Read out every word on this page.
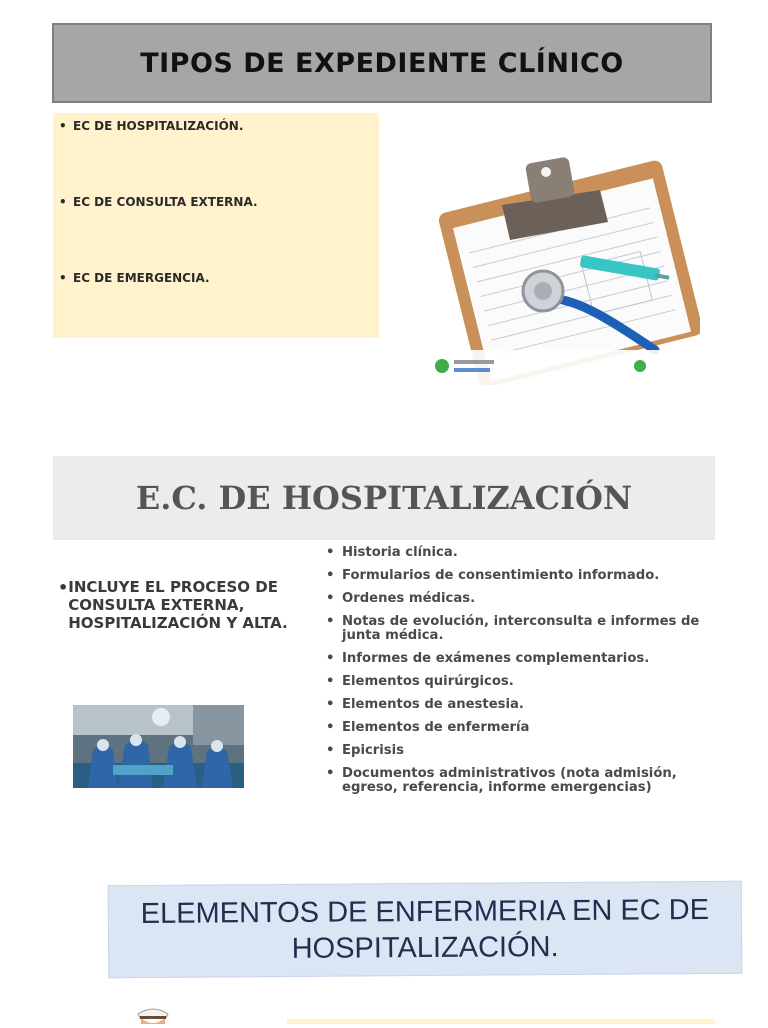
TIPOS DE EXPEDIENTE CLÍNICO
• EC DE HOSPITALIZACIÓN.
• EC DE CONSULTA EXTERNA.
• EC DE EMERGENCIA.
E.C. DE HOSPITALIZACIÓN
• INCLUYE EL PROCESO DE CONSULTA EXTERNA, HOSPITALIZACIÓN Y ALTA.
• Historia clínica.
• Formularios de consentimiento informado.
• Ordenes médicas.
• Notas de evolución, interconsulta e informes de junta médica.
• Informes de exámenes complementarios.
• Elementos quirúrgicos.
• Elementos de anestesia.
• Elementos de enfermería
• Epicrisis
• Documentos administrativos (nota admisión, egreso, referencia, informe emergencias)
ELEMENTOS DE ENFERMERIA EN EC DE
HOSPITALIZACIÓN.
